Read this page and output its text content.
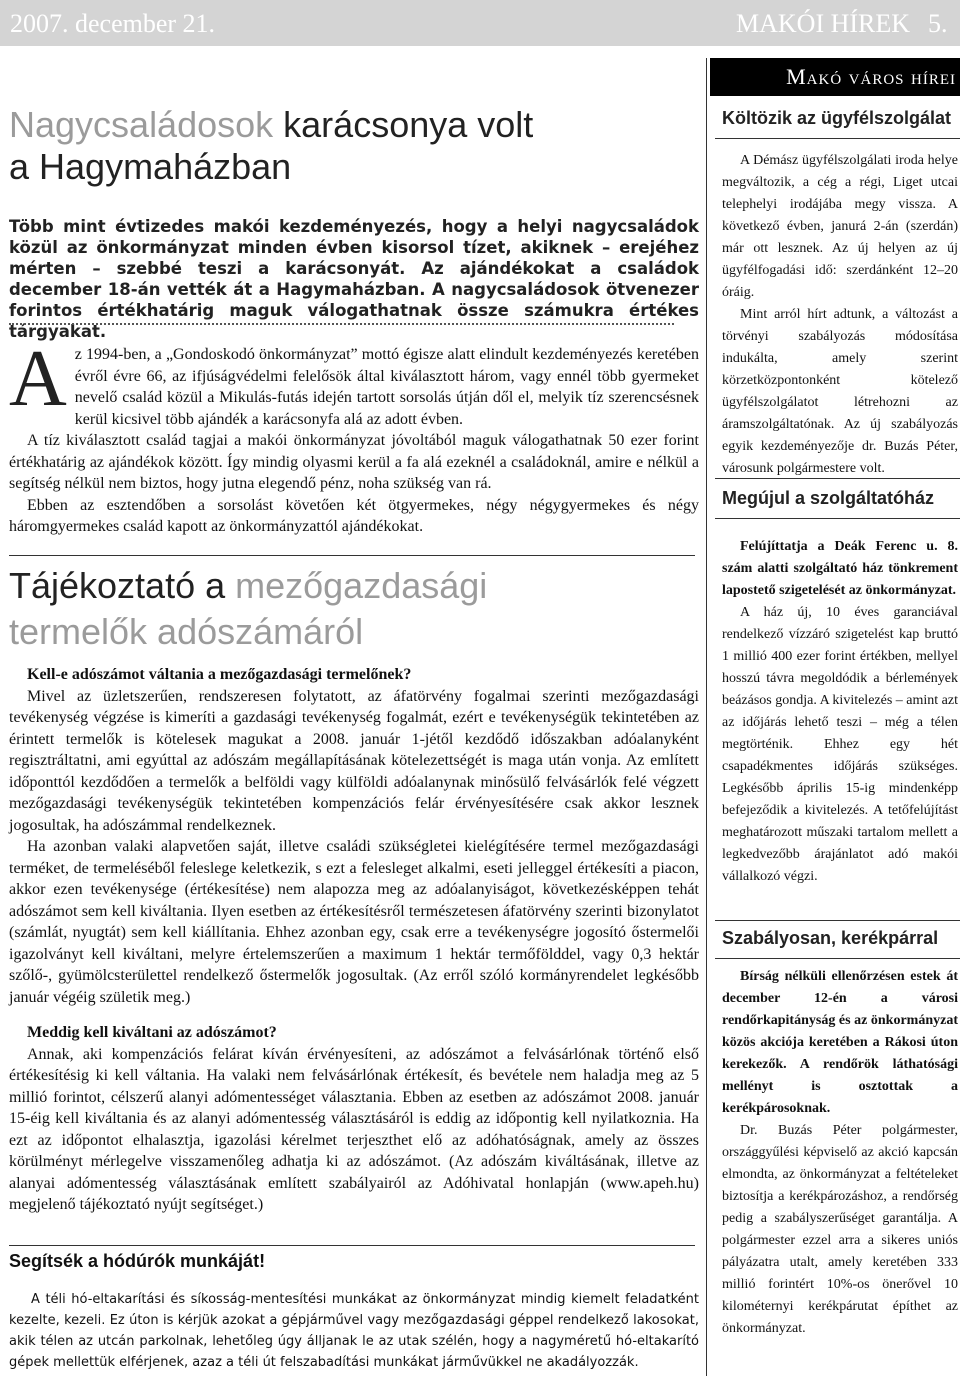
2007. december 21.	MAKÓI HÍREK 5.
Makó város hírei
Nagycsaládosok karácsonya volt
a Hagymaházban
Több mint évtizedes makói kezdeményezés, hogy a helyi nagycsaládok közül az önkormányzat minden évben kisorsol tízet, akiknek – erejéhez mérten – szebbé teszi a karácsonyát. Az ajándékokat a családok december 18-án vették át a Hagymaházban. A nagycsaládosok ötvenezer forintos értékhatárig maguk válogathatnak össze számukra értékes tárgyakat.

Az 1994-ben, a „Gondoskodó önkormányzat” mottó égisze alatt elindult kezdeményezés keretében évről évre 66, az ifjúságvédelmi felelősök által kiválasztott három, vagy ennél több gyermeket nevelő család közül a Mikulás-futás idején tartott sorsolás útján dől el, melyik tíz szerencsésnek kerül kicsivel több ajándék a karácsonyfa alá az adott évben.

A tíz kiválasztott család tagjai a makói önkormányzat jóvoltából maguk válogathatnak 50 ezer forint értékhatárig az ajándékok között. Így mindig olyasmi kerül a fa alá ezeknél a családoknál, amire e nélkül a segítség nélkül nem biztos, hogy jutna elegendő pénz, noha szükség van rá.

Ebben az esztendőben a sorsolást követően két ötgyermekes, négy négygyermekes és négy háromgyermekes család kapott az önkormányzattól ajándékokat.

Tájékoztató a mezőgazdasági
termelők adószámáról

Kell-e adószámot váltania a mezőgazdasági termelőnek?

Mivel az üzletszerűen, rendszeresen folytatott, az áfatörvény fogalmai szerinti mezőgazdasági tevékenység végzése is kimeríti a gazdasági tevékenység fogalmát, ezért e tevékenységük tekintetében az érintett termelők is kötelesek magukat a 2008. január 1-jétől kezdődő időszakban adóalanyként regisztráltatni, ami egyúttal az adószám megállapításának kötelezettségét is maga után vonja. Az említett időponttól kezdődően a termelők a belföldi vagy külföldi adóalanynak minősülő felvásárlók felé végzett mezőgazdasági tevékenységük tekintetében kompenzációs felár érvényesítésére csak akkor lesznek jogosultak, ha adószámmal rendelkeznek.

Ha azonban valaki alapvetően saját, illetve családi szükségletei kielégítésére termel mezőgazdasági terméket, de termeléséből feleslege keletkezik, s ezt a felesleget alkalmi, eseti jelleggel értékesíti a piacon, akkor ezen tevékenysége (értékesítése) nem alapozza meg az adóalanyiságot, következésképpen tehát adószámot sem kell kiváltania. Ilyen esetben az értékesítésről természetesen áfatörvény szerinti bizonylatot (számlát, nyugtát) sem kell kiállítania. Ehhez azonban egy, csak erre a tevékenységre jogosító őstermelői igazolványt kell kiváltani, melyre értelemszerűen a maximum 1 hektár termőfölddel, vagy 0,3 hektár szőlő-, gyümölcsterülettel rendelkező őstermelők jogosultak. (Az erről szóló kormányrendelet legkésőbb január végéig születik meg.)

Meddig kell kiváltani az adószámot?

Annak, aki kompenzációs felárat kíván érvényesíteni, az adószámot a felvásárlónak történő első értékesítésig ki kell váltania. Ha valaki nem felvásárlónak értékesít, és bevétele nem haladja meg az 5 millió forintot, célszerű alanyi adómentességet választania. Ebben az esetben az adószámot 2008. január 15-éig kell kiváltania és az alanyi adómentesség választásáról is eddig az időpontig kell nyilatkoznia. Ha ezt az időpontot elhalasztja, igazolási kérelmet terjeszthet elő az adóhatóságnak, amely az összes körülményt mérlegelve visszamenőleg adhatja ki az adószámot. (Az adószám kiváltásának, illetve az alanyai adómentesség választásának említett szabályairól az Adóhivatal honlapján (www.apeh.hu) megjelenő tájékoztató nyújt segítséget.)

Segítsék a hódúrók munkáját!

A téli hó-eltakarítási és síkosság-mentesítési munkákat az önkormányzat mindig kiemelt feladatként kezelte, kezeli. Ez úton is kérjük azokat a gépjárművel vagy mezőgazdasági géppel rendelkező lakosokat, akik télen az utcán parkolnak, lehetőleg úgy álljanak le az utak szélén, hogy a nagyméretű hó-eltakarító gépek mellettük elférjenek, azaz a téli út felszabadítási munkákat járművükkel ne akadályozzák.

Költözik az ügyfélszolgálat

A Démász ügyfélszolgálati iroda helye megváltozik, a cég a régi, Liget utcai telephelyi irodájába megy vissza. A következő évben, janurá 2-án (szerdán) már ott lesznek. Az új helyen az új ügyfélfogadási idő: szerdánként 12–20 óráig.

Mint arról hírt adtunk, a változást a törvényi szabályozás módosítása indukálta, amely szerint körzetközpontonként kötelező ügyfélszolgálatot létrehozni az áramszolgáltatónak. Az új szabályozás egyik kezdeményezője dr. Buzás Péter, városunk polgármestere volt.

Megújul a szolgáltatóház

Felújíttatja a Deák Ferenc u. 8. szám alatti szolgáltató ház tönkrement lapostető szigetelését az önkormányzat.

A ház új, 10 éves garanciával rendelkező vízzáró szigetelést kap bruttó 1 millió 400 ezer forint értékben, mellyel hosszú távra megoldódik a bérlemények beázásos gondja. A kivitelezés – amint azt az időjárás lehető teszi – még a télen megtörténik. Ehhez egy hét csapadékmentes időjárás szükséges. Legkésőbb április 15-ig mindenképp befejeződik a kivitelezés. A tetőfelújítást meghatározott műszaki tartalom mellett a legkedvezőbb árajánlatot adó makói vállalkozó végzi.

Szabályosan, kerékpárral

Bírság nélküli ellenőrzésen estek át december 12-én a városi rendőrkapitányság és az önkormányzat közös akciója keretében a Rákosi úton kerekezők. A rendőrök láthatósági mellényt is osztottak a kerékpárosoknak.

Dr. Buzás Péter polgármester, országgyűlési képviselő az akció kapcsán elmondta, az önkormányzat a feltételeket biztosítja a kerékpározáshoz, a rendőrség pedig a szabályszerűséget garantálja. A polgármester ezzel arra a sikeres uniós pályázatra utalt, amely keretében 333 millió forintért 10%-os önerővel 10 kilométernyi kerékpárutat építhet az önkormányzat.
